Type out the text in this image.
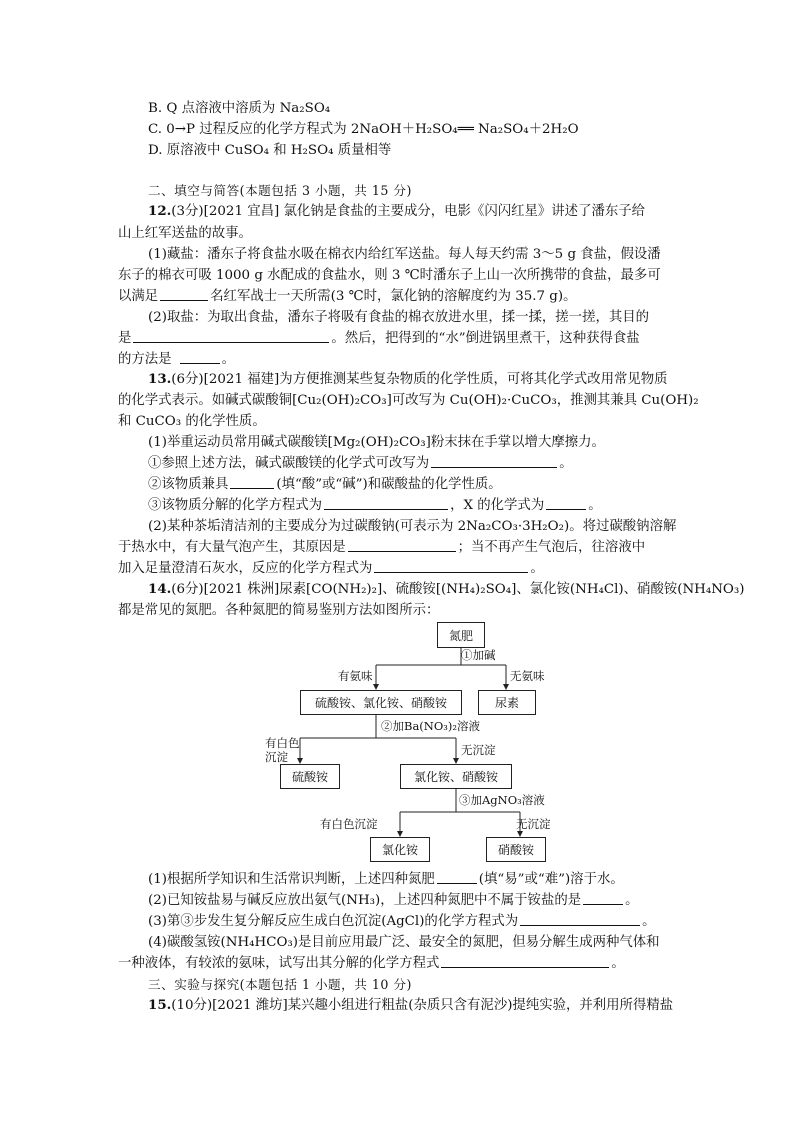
B. Q 点溶液中溶质为 Na₂SO₄
C. 0→P 过程反应的化学方程式为 2NaOH＋H₂SO₄══ Na₂SO₄＋2H₂O
D. 原溶液中 CuSO₄ 和 H₂SO₄ 质量相等
二、填空与简答(本题包括 3 小题，共 15 分)
12.(3分)[2021 宜昌] 氯化钠是食盐的主要成分，电影《闪闪红星》讲述了潘东子给
山上红军送盐的故事。
(1)藏盐：潘东子将食盐水吸在棉衣内给红军送盐。每人每天约需 3～5 g 食盐，假设潘
东子的棉衣可吸 1000 g 水配成的食盐水，则 3 ℃时潘东子上山一次所携带的食盐，最多可
以满足	名红军战士一天所需(3 ℃时，氯化钠的溶解度约为 35.7 g)。
(2)取盐：为取出食盐，潘东子将吸有食盐的棉衣放进水里，揉一揉，搓一搓，其目的
是	。然后，把得到的“水”倒进锅里煮干，这种获得食盐
的方法是	。
13.(6分)[2021 福建]为方便推测某些复杂物质的化学性质，可将其化学式改用常见物质
的化学式表示。如碱式碳酸铜[Cu₂(OH)₂CO₃]可改写为 Cu(OH)₂·CuCO₃，推测其兼具 Cu(OH)₂
和 CuCO₃ 的化学性质。
(1)举重运动员常用碱式碳酸镁[Mg₂(OH)₂CO₃]粉末抹在手掌以增大摩擦力。
①参照上述方法，碱式碳酸镁的化学式可改写为	。
②该物质兼具	(填“酸”或“碱”)和碳酸盐的化学性质。
③该物质分解的化学方程式为	，X 的化学式为	。
(2)某种茶垢清洁剂的主要成分为过碳酸钠(可表示为 2Na₂CO₃·3H₂O₂)。将过碳酸钠溶解
于热水中，有大量气泡产生，其原因是	；当不再产生气泡后，往溶液中
加入足量澄清石灰水，反应的化学方程式为	。
14.(6分)[2021 株洲]尿素[CO(NH₂)₂]、硫酸铵[(NH₄)₂SO₄]、氯化铵(NH₄Cl)、硝酸铵(NH₄NO₃)
都是常见的氮肥。各种氮肥的简易鉴别方法如图所示：
氮肥
①加碱
有氨味	无氨味
硫酸铵、氯化铵、硝酸铵	尿素
②加Ba(NO₃)₂溶液
有白色
沉淀	无沉淀
硫酸铵	氯化铵、硝酸铵
③加AgNO₃溶液
有白色沉淀	无沉淀
氯化铵	硝酸铵
(1)根据所学知识和生活常识判断，上述四种氮肥	(填“易”或“难”)溶于水。
(2)已知铵盐易与碱反应放出氨气(NH₃)，上述四种氮肥中不属于铵盐的是	。
(3)第③步发生复分解反应生成白色沉淀(AgCl)的化学方程式为	。
(4)碳酸氢铵(NH₄HCO₃)是目前应用最广泛、最安全的氮肥，但易分解生成两种气体和
一种液体，有较浓的氨味，试写出其分解的化学方程式	。
三、实验与探究(本题包括 1 小题，共 10 分)
15.(10分)[2021 潍坊]某兴趣小组进行粗盐(杂质只含有泥沙)提纯实验，并利用所得精盐
